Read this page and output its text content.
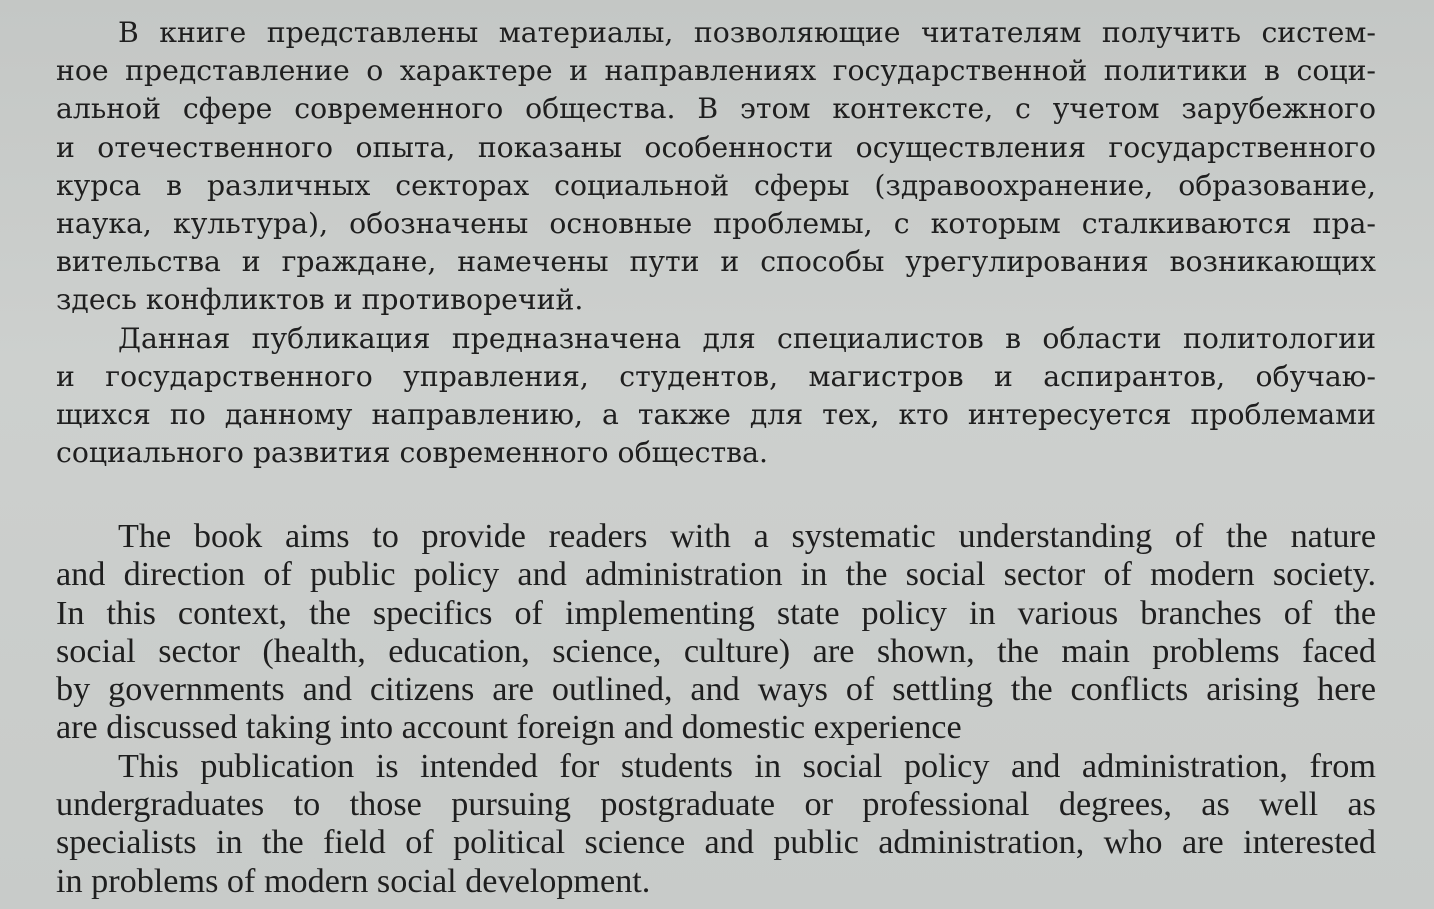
В книге представлены материалы, позволяющие читателям получить систем-
ное представление о характере и направлениях государственной политики в соци-
альной сфере современного общества. В этом контексте, с учетом зарубежного
и отечественного опыта, показаны особенности осуществления государственного
курса в различных секторах социальной сферы (здравоохранение, образование,
наука, культура), обозначены основные проблемы, с которым сталкиваются пра-
вительства и граждане, намечены пути и способы урегулирования возникающих
здесь конфликтов и противоречий.
Данная публикация предназначена для специалистов в области политологии
и государственного управления, студентов, магистров и аспирантов, обучаю-
щихся по данному направлению, а также для тех, кто интересуется проблемами
социального развития современного общества.
The book aims to provide readers with a systematic understanding of the nature
and direction of public policy and administration in the social sector of modern society.
In this context, the specifics of implementing state policy in various branches of the
social sector (health, education, science, culture) are shown, the main problems faced
by governments and citizens are outlined, and ways of settling the conflicts arising here
are discussed taking into account foreign and domestic experience
This publication is intended for students in social policy and administration, from
undergraduates to those pursuing postgraduate or professional degrees, as well as
specialists in the field of political science and public administration, who are interested
in problems of modern social development.
